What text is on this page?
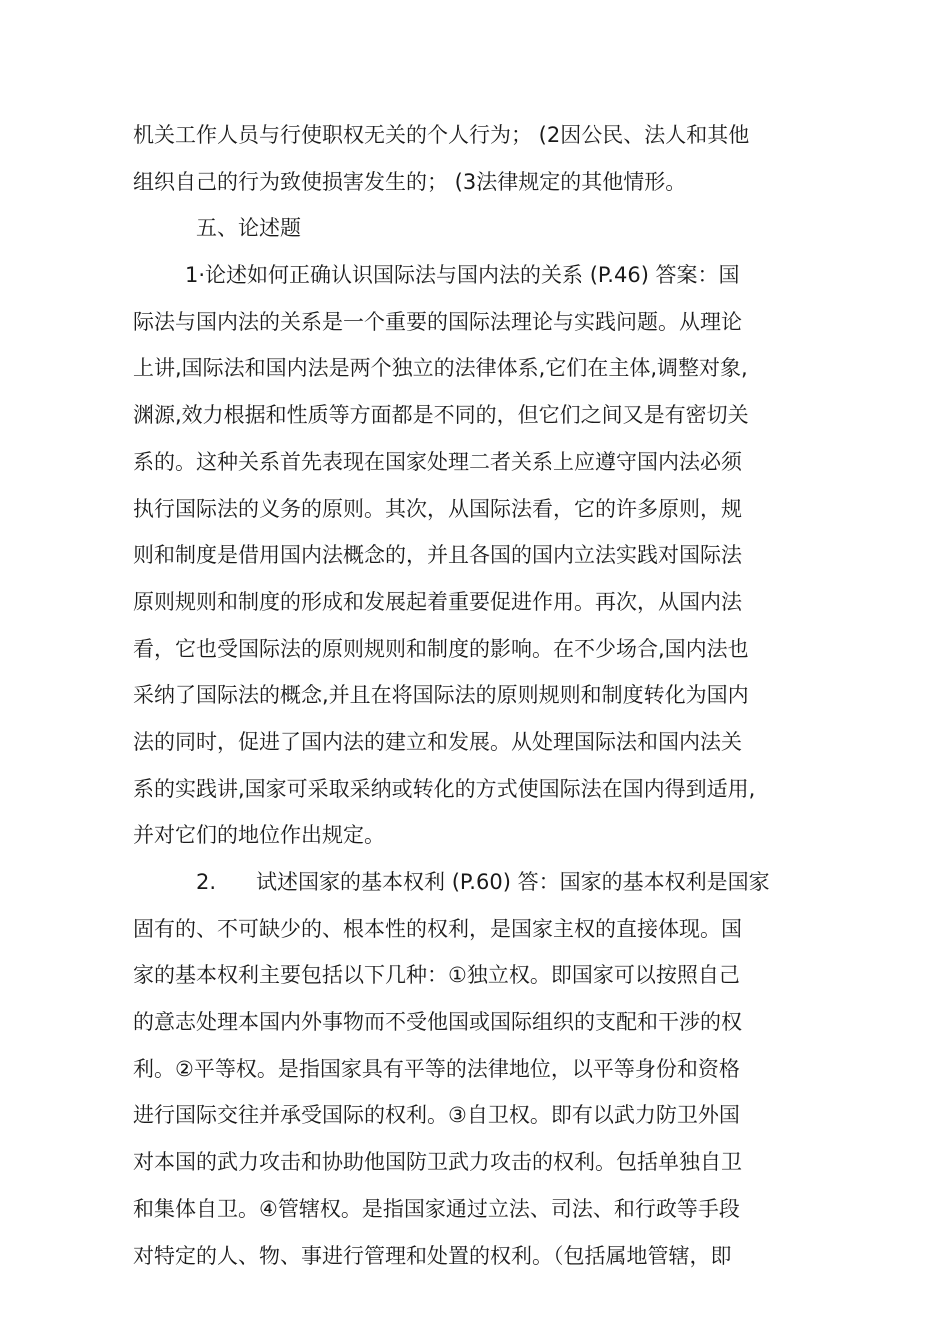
机关工作人员与行使职权无关的个人行为； (2因公民、法人和其他
组织自己的行为致使损害发生的； (3法律规定的其他情形。
五、论述题
1·论述如何正确认识国际法与国内法的关系 (P.46) 答案：国
际法与国内法的关系是一个重要的国际法理论与实践问题。从理论
上讲,国际法和国内法是两个独立的法律体系,它们在主体,调整对象,
渊源,效力根据和性质等方面都是不同的，但它们之间又是有密切关
系的。这种关系首先表现在国家处理二者关系上应遵守国内法必须
执行国际法的义务的原则。其次，从国际法看，它的许多原则，规
则和制度是借用国内法概念的，并且各国的国内立法实践对国际法
原则规则和制度的形成和发展起着重要促进作用。再次，从国内法
看，它也受国际法的原则规则和制度的影响。在不少场合,国内法也
采纳了国际法的概念,并且在将国际法的原则规则和制度转化为国内
法的同时，促进了国内法的建立和发展。从处理国际法和国内法关
系的实践讲,国家可采取采纳或转化的方式使国际法在国内得到适用,
并对它们的地位作出规定。
2. 试述国家的基本权利 (P.60) 答：国家的基本权利是国家
固有的、不可缺少的、根本性的权利，是国家主权的直接体现。国
家的基本权利主要包括以下几种：①独立权。即国家可以按照自己
的意志处理本国内外事物而不受他国或国际组织的支配和干涉的权
利。②平等权。是指国家具有平等的法律地位，以平等身份和资格
进行国际交往并承受国际的权利。③自卫权。即有以武力防卫外国
对本国的武力攻击和协助他国防卫武力攻击的权利。包括单独自卫
和集体自卫。④管辖权。是指国家通过立法、司法、和行政等手段
对特定的人、物、事进行管理和处置的权利。（包括属地管辖，即
